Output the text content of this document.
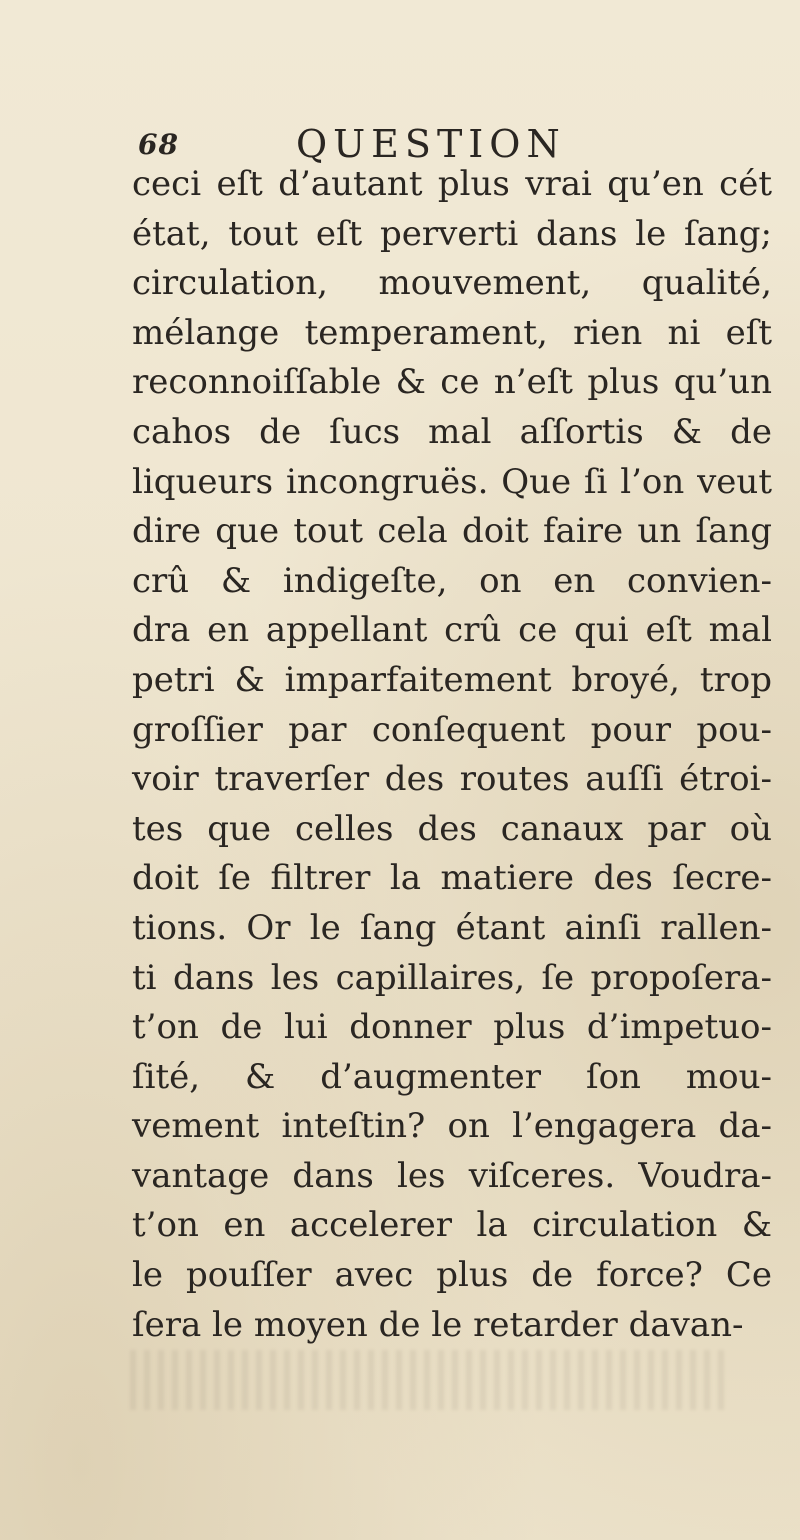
68	QUESTION
ceci eſt d’autant plus vrai qu’en cét
état, tout eſt perverti dans le ſang;
circulation, mouvement, qualité,
mélange temperament, rien ni eſt
reconnoiſſable & ce n’eſt plus qu’un
cahos de ſucs mal aſſortis & de
liqueurs incongruës. Que ſi l’on veut
dire que tout cela doit faire un ſang
crû & indigeſte, on en convien-
dra en appellant crû ce qui eſt mal
petri & imparfaitement broyé, trop
groſſier par conſequent pour pou-
voir traverſer des routes auſſi étroi-
tes que celles des canaux par où
doit ſe filtrer la matiere des ſecre-
tions. Or le ſang étant ainſi rallen-
ti dans les capillaires, ſe propoſera-
t’on de lui donner plus d’impetuo-
ſité, & d’augmenter ſon mou-
vement inteſtin? on l’engagera da-
vantage dans les viſceres. Voudra-
t’on en accelerer la circulation &
le pouſſer avec plus de force? Ce
ſera le moyen de le retarder davan-
